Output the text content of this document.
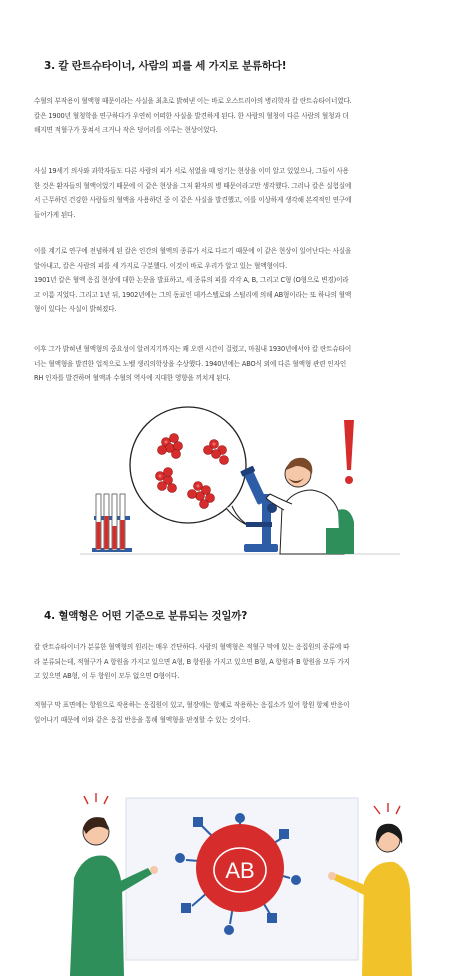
3. 칼 란트슈타이너, 사람의 피를 세 가지로 분류하다!

수혈의 부작용이 혈액형 때문이라는 사실을 최초로 밝혀낸 이는 바로 오스트리아의 병리학자 칼 란트슈타이너였다.
칼은 1900년 혈청학을 연구하다가 우연히 어떠한 사실을 발견하게 된다. 한 사람의 혈청이 다른 사람의 혈청과 더
해지면 적혈구가 뭉쳐서 크거나 작은 덩어리를 이루는 현상이었다.

사실 19세기 의사와 과학자들도 다른 사람의 피가 서로 섞였을 때 엉기는 현상을 이미 알고 있었으나, 그들이 사용
한 것은 환자들의 혈액이었기 때문에 이 같은 현상을 그저 환자의 병 때문이라고만 생각했다. 그러나 칼은 실험실에
서 근무하던 건강한 사람들의 혈액을 사용하던 중 이 같은 사실을 발견했고, 이를 이상하게 생각해 본격적인 연구에
들어가게 된다.

이를 계기로 연구에 전념하게 된 칼은 인간의 혈액의 종류가 서로 다르기 때문에 이 같은 현상이 일어난다는 사실을
알아내고, 칼은 사람의 피를 세 가지로 구분했다. 이것이 바로 우리가 알고 있는 혈액형이다.
1901년 칼은 혈액 응집 현상에 대한 논문을 발표하고, 세 종류의 피를 각각 A, B, 그리고 C형 (O형으로 변경)이라
고 이름 지었다. 그리고 1년 뒤, 1902년에는 그의 동료인 데카스텔로와 스털리에 의해 AB형이라는 또 하나의 혈액
형이 있다는 사실이 밝혀졌다.

이후 그가 밝혀낸 혈액형의 중요성이 알려지기까지는 꽤 오랜 시간이 걸렸고, 마침내 1930년에서야 칼 란트슈타이
너는 혈액형을 발견한 업적으로 노벨 생리의학상을 수상했다. 1940년에는 ABO식 외에 다른 혈액형 관련 인자인
RH 인자를 발견하며 혈액과 수혈의 역사에 지대한 영향을 끼치게 된다.

4. 혈액형은 어떤 기준으로 분류되는 것일까?

칼 란트슈타이너가 분류한 혈액형의 원리는 매우 간단하다. 사람의 혈액형은 적혈구 막에 있는 응집원의 종류에 따
라 분류되는데, 적혈구가 A 항원을 가지고 있으면 A형, B 항원을 가지고 있으면 B형, A 항원과 B 항원을 모두 가지
고 있으면 AB형, 이 두 항원이 모두 없으면 O형이다.

적혈구 막 표면에는 항원으로 작용하는 응집원이 있고, 혈장에는 항체로 작용하는 응집소가 있어 항원 항체 반응이
일어나기 때문에 이와 같은 응집 반응을 통해 혈액형을 판정할 수 있는 것이다.

AB
